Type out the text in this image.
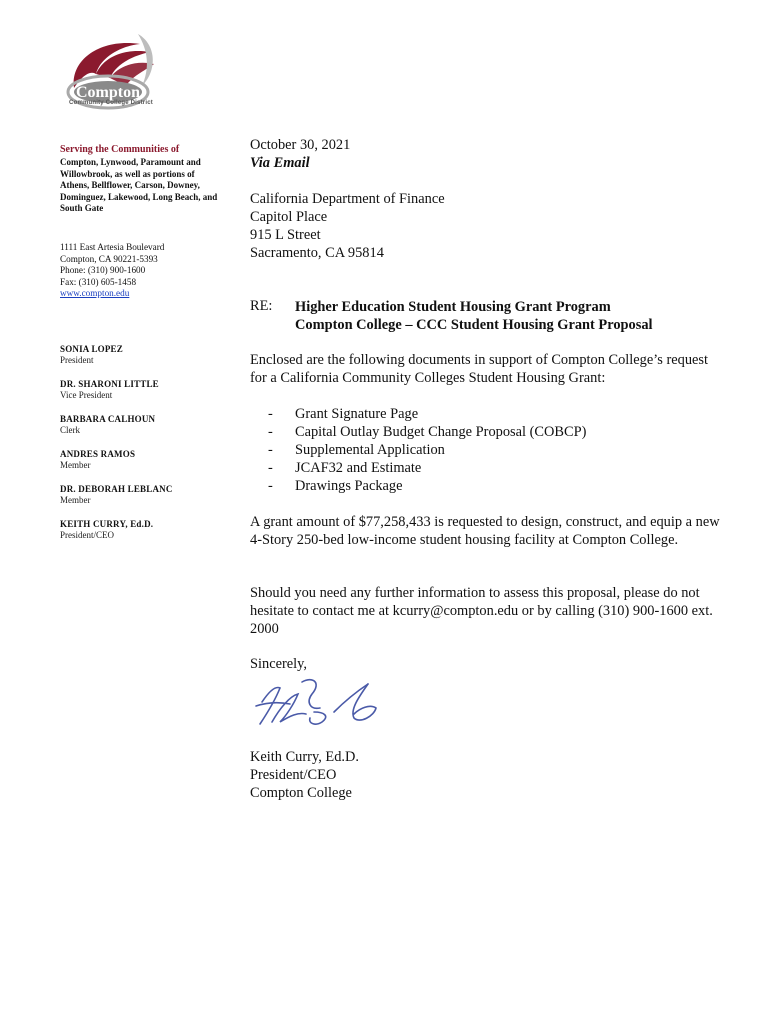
Compton
Community College District
Serving the Communities of
Compton, Lynwood, Paramount and Willowbrook, as well as portions of Athens, Bellflower, Carson, Downey, Dominguez, Lakewood, Long Beach, and South Gate
1111 East Artesia Boulevard
Compton, CA 90221-5393
Phone: (310) 900-1600
Fax: (310) 605-1458
www.compton.edu
SONIA LOPEZ
President
DR. SHARONI LITTLE
Vice President
BARBARA CALHOUN
Clerk
ANDRES RAMOS
Member
DR. DEBORAH LEBLANC
Member
KEITH CURRY, Ed.D.
President/CEO
October 30, 2021
Via Email
California Department of Finance
Capitol Place
915 L Street
Sacramento, CA 95814
RE: Higher Education Student Housing Grant Program
Compton College – CCC Student Housing Grant Proposal
Enclosed are the following documents in support of Compton College’s request for a California Community Colleges Student Housing Grant:
- Grant Signature Page
- Capital Outlay Budget Change Proposal (COBCP)
- Supplemental Application
- JCAF32 and Estimate
- Drawings Package
A grant amount of $77,258,433 is requested to design, construct, and equip a new 4-Story 250-bed low-income student housing facility at Compton College.
Should you need any further information to assess this proposal, please do not hesitate to contact me at kcurry@compton.edu or by calling (310) 900-1600 ext. 2000
Sincerely,
Keith Curry, Ed.D.
President/CEO
Compton College
